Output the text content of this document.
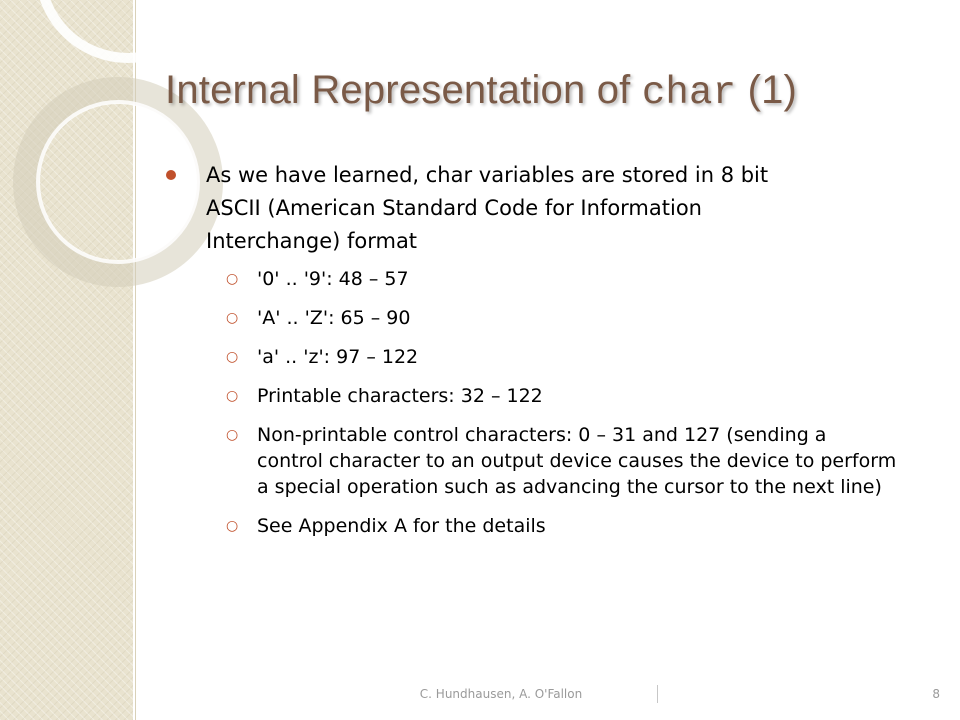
Internal Representation of char (1)
As we have learned, char variables are stored in 8 bit ASCII (American Standard Code for Information Interchange) format
○ '0' .. '9': 48 – 57
○ 'A' .. 'Z': 65 – 90
○ 'a' .. 'z': 97 – 122
○ Printable characters: 32 – 122
○ Non-printable control characters: 0 – 31 and 127 (sending a control character to an output device causes the device to perform a special operation such as advancing the cursor to the next line)
○ See Appendix A for the details
C. Hundhausen, A. O'Fallon	8
